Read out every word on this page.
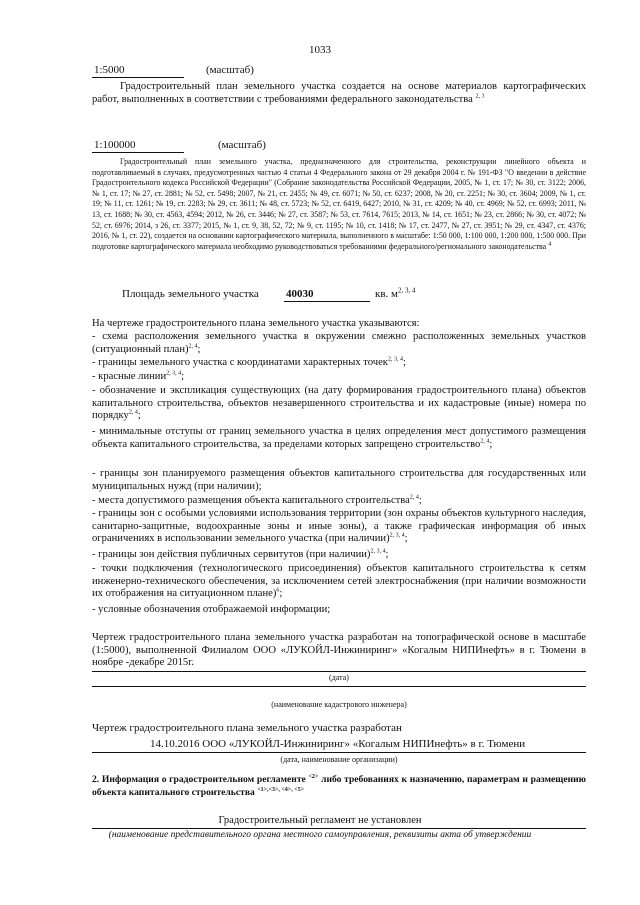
1033
1:5000	(масштаб)
Градостроительный план земельного участка создается на основе материалов картографических работ, выполненных в соответствии с требованиями федерального законодательства $^{2, 3}$
1:100000	(масштаб)
Градостроительный план земельного участка, предназначенного для строительства, реконструкции линейного объекта и подготавливаемый в случаях, предусмотренных частью 4 статьи 4 Федерального закона от 29 декабря 2004 г. № 191-ФЗ "О введении в действие Градостроительного кодекса Российской Федерации" (Собрание законодательства Российской Федерации, 2005, № 1, ст. 17; № 30, ст. 3122; 2006, № 1, ст. 17; № 27, ст. 2881; № 52, ст. 5498; 2007, № 21, ст. 2455; № 49, ст. 6071; № 50, ст. 6237; 2008, № 20, ст. 2251; № 30, ст. 3604; 2009, № 1, ст. 19; № 11, ст. 1261; № 19, ст. 2283; № 29, ст. 3611; № 48, ст. 5723; № 52, ст. 6419, 6427; 2010, № 31, ст. 4209; № 40, ст. 4969; № 52, ст. 6993; 2011, № 13, ст. 1688; № 30, ст. 4563, 4594; 2012, № 26, ст. 3446; № 27, ст. 3587; № 53, ст. 7614, 7615; 2013, № 14, ст. 1651; № 23, ст. 2866; № 30, ст. 4072; № 52, ст. 6976; 2014, з 26, ст. 3377; 2015, № 1, ст. 9, 38, 52, 72; № 9, ст. 1195; № 10, ст. 1418; № 17, ст. 2477, № 27, ст. 3951; № 29, ст. 4347, ст. 4376; 2016, № 1, ст. 22), создается на основании картографического материала, выполненного в масштабе: 1:50 000, 1:100 000, 1:200 000, 1:500 000. При подготовке картографического материала необходимо руководствоваться требованиями федерального/регионального законодательства $^4$
Площадь земельного участка 40030	кв. $м^{2, 3, 4}$
На чертеже градостроительного плана земельного участка указываются:
- схема расположения земельного участка в окружении смежно расположенных земельных участков (ситуационный план)$^{2, 4}$;
- границы земельного участка с координатами характерных точек$^{2, 3, 4}$;
- красные линии$^{2, 3, 4}$;
- обозначение и экспликация существующих (на дату формирования градостроительного плана) объектов капитального строительства, объектов незавершенного строительства и их кадастровые (иные) номера по порядку$^{2, 4}$;
- минимальные отступы от границ земельного участка в целях определения мест допустимого размещения объекта капитального строительства, за пределами которых запрещено строительство$^{2, 4}$;
- границы зон планируемого размещения объектов капитального строительства для государственных или муниципальных нужд (при наличии);
- места допустимого размещения объекта капитального строительства$^{2, 4}$;
- границы зон с особыми условиями использования территории (зон охраны объектов культурного наследия, санитарно-защитные, водоохранные зоны и иные зоны), а также графическая информация об иных ограничениях в использовании земельного участка (при наличии)$^{2, 3, 4}$;
- границы зон действия публичных сервитутов (при наличии)$^{2, 3, 4}$;
- точки подключения (технологического присоединения) объектов капитального строительства к сетям инженерно-технического обеспечения, за исключением сетей электроснабжения (при наличии возможности их отображения на ситуационном плане)$^6$;
- условные обозначения отображаемой информации;
Чертеж градостроительного плана земельного участка разработан на топографической основе в масштабе (1:5000), выполненной Филиалом ООО «ЛУКОЙЛ-Инжиниринг» «Когалым НИПИнефть» в г. Тюмени в ноябре -декабре 2015г.
(дата)
(наименование кадастрового инженера)
Чертеж градостроительного плана земельного участка разработан
14.10.2016 ООО «ЛУКОЙЛ-Инжиниринг» «Когалым НИПИнефть» в г. Тюмени
(дата, наименование организации)
2. Информация о градостроительном регламенте $^{<2>}$ либо требованиях к назначению, параметрам и размещению объекта капитального строительства $^{<1>,<3>, <4>, <5>}$
Градостроительный регламент не установлен
(наименование представительного органа местного самоуправления, реквизиты акта об утверждении
